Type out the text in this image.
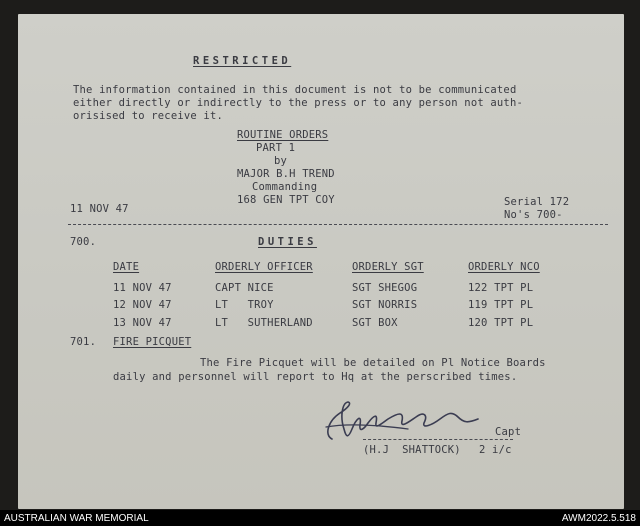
RESTRICTED
The information contained in this document is not to be communicated
either directly or indirectly to the press or to any person not auth-
orisised to receive it.
ROUTINE ORDERS
PART 1
by
MAJOR B.H TREND
Commanding
168 GEN TPT COY
11 NOV 47
Serial 172
No's 700-
700.	DUTIES
DATE	ORDERLY OFFICER	ORDERLY SGT	ORDERLY NCO
11 NOV 47	CAPT NICE	SGT SHEGOG	122 TPT PL
12 NOV 47	LT   TROY	SGT NORRIS	119 TPT PL
13 NOV 47	LT   SUTHERLAND	SGT BOX	120 TPT PL
701. FIRE PICQUET
The Fire Picquet will be detailed on Pl Notice Boards
daily and personnel will report to Hq at the perscribed times.
Capt
(H.J  SHATTOCK) 2 i/c
AUSTRALIAN WAR MEMORIAL	AWM2022.5.518
